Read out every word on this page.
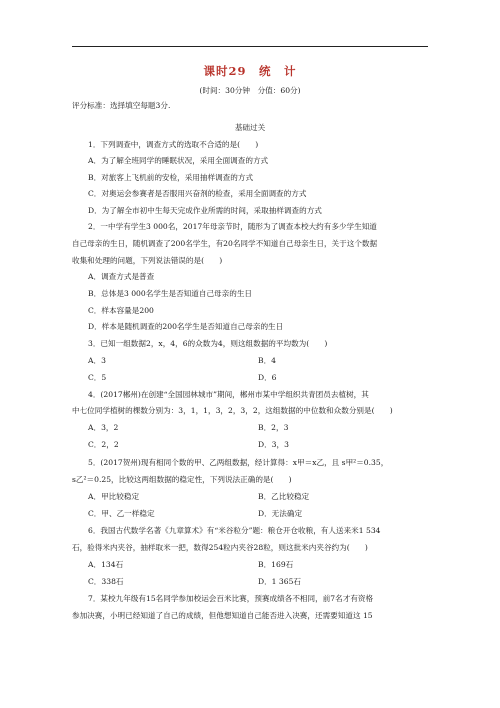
课时29　统　计
(时间：30分钟　分值：60分)
评分标准：选择填空每题3分.
基础过关
1．下列调查中，调查方式的选取不合适的是(　　)
A．为了解全班同学的睡眠状况，采用全面调查的方式
B．对旅客上飞机前的安检，采用抽样调查的方式
C．对奥运会参赛者是否服用兴奋剂的检查，采用全面调查的方式
D．为了解全市初中生每天完成作业所需的时间，采取抽样调查的方式
2．一中学有学生3 000名，2017年母亲节时，随形为了调查本校大约有多少学生知道
自己母亲的生日，随机调查了200名学生，有20名同学不知道自己母亲生日，关于这个数据
收集和处理的问题，下列说法错误的是(　　)
A．调查方式是普查
B．总体是3 000名学生是否知道自己母亲的生日
C．样本容量是200
D．样本是随机调查的200名学生是否知道自己母亲的生日
3．已知一组数据2，x，4，6的众数为4，则这组数据的平均数为(　　)
A．3	B．4
C．5	D．6
4．(2017郴州)在创建“全国园林城市”期间，郴州市某中学组织共青团员去植树，其
中七位同学植树的棵数分别为：3，1，1，3，2，3，2，这组数据的中位数和众数分别是(　　)
A．3，2	B．2，3
C．2，2	D．3，3
5．(2017贺州)现有相同个数的甲、乙两组数据，经计算得：x甲＝x乙，且 s甲²＝0.35，
s乙²＝0.25，比较这两组数据的稳定性，下列说法正确的是(　　)
A．甲比较稳定	B．乙比较稳定
C．甲、乙一样稳定	D．无法确定
6．我国古代数学名著《九章算术》有“米谷粒分”题：粮仓开仓收粮，有人送来米1 534
石，验得米内夹谷，抽样取米一把，数得254粒内夹谷28粒，则这批米内夹谷约为(　　)
A．134石	B．169石
C．338石	D．1 365石
7．某校九年级有15名同学参加校运会百米比赛，预赛成绩各不相同，前7名才有资格
参加决赛，小明已经知道了自己的成绩，但他想知道自己能否进入决赛，还需要知道这 15
